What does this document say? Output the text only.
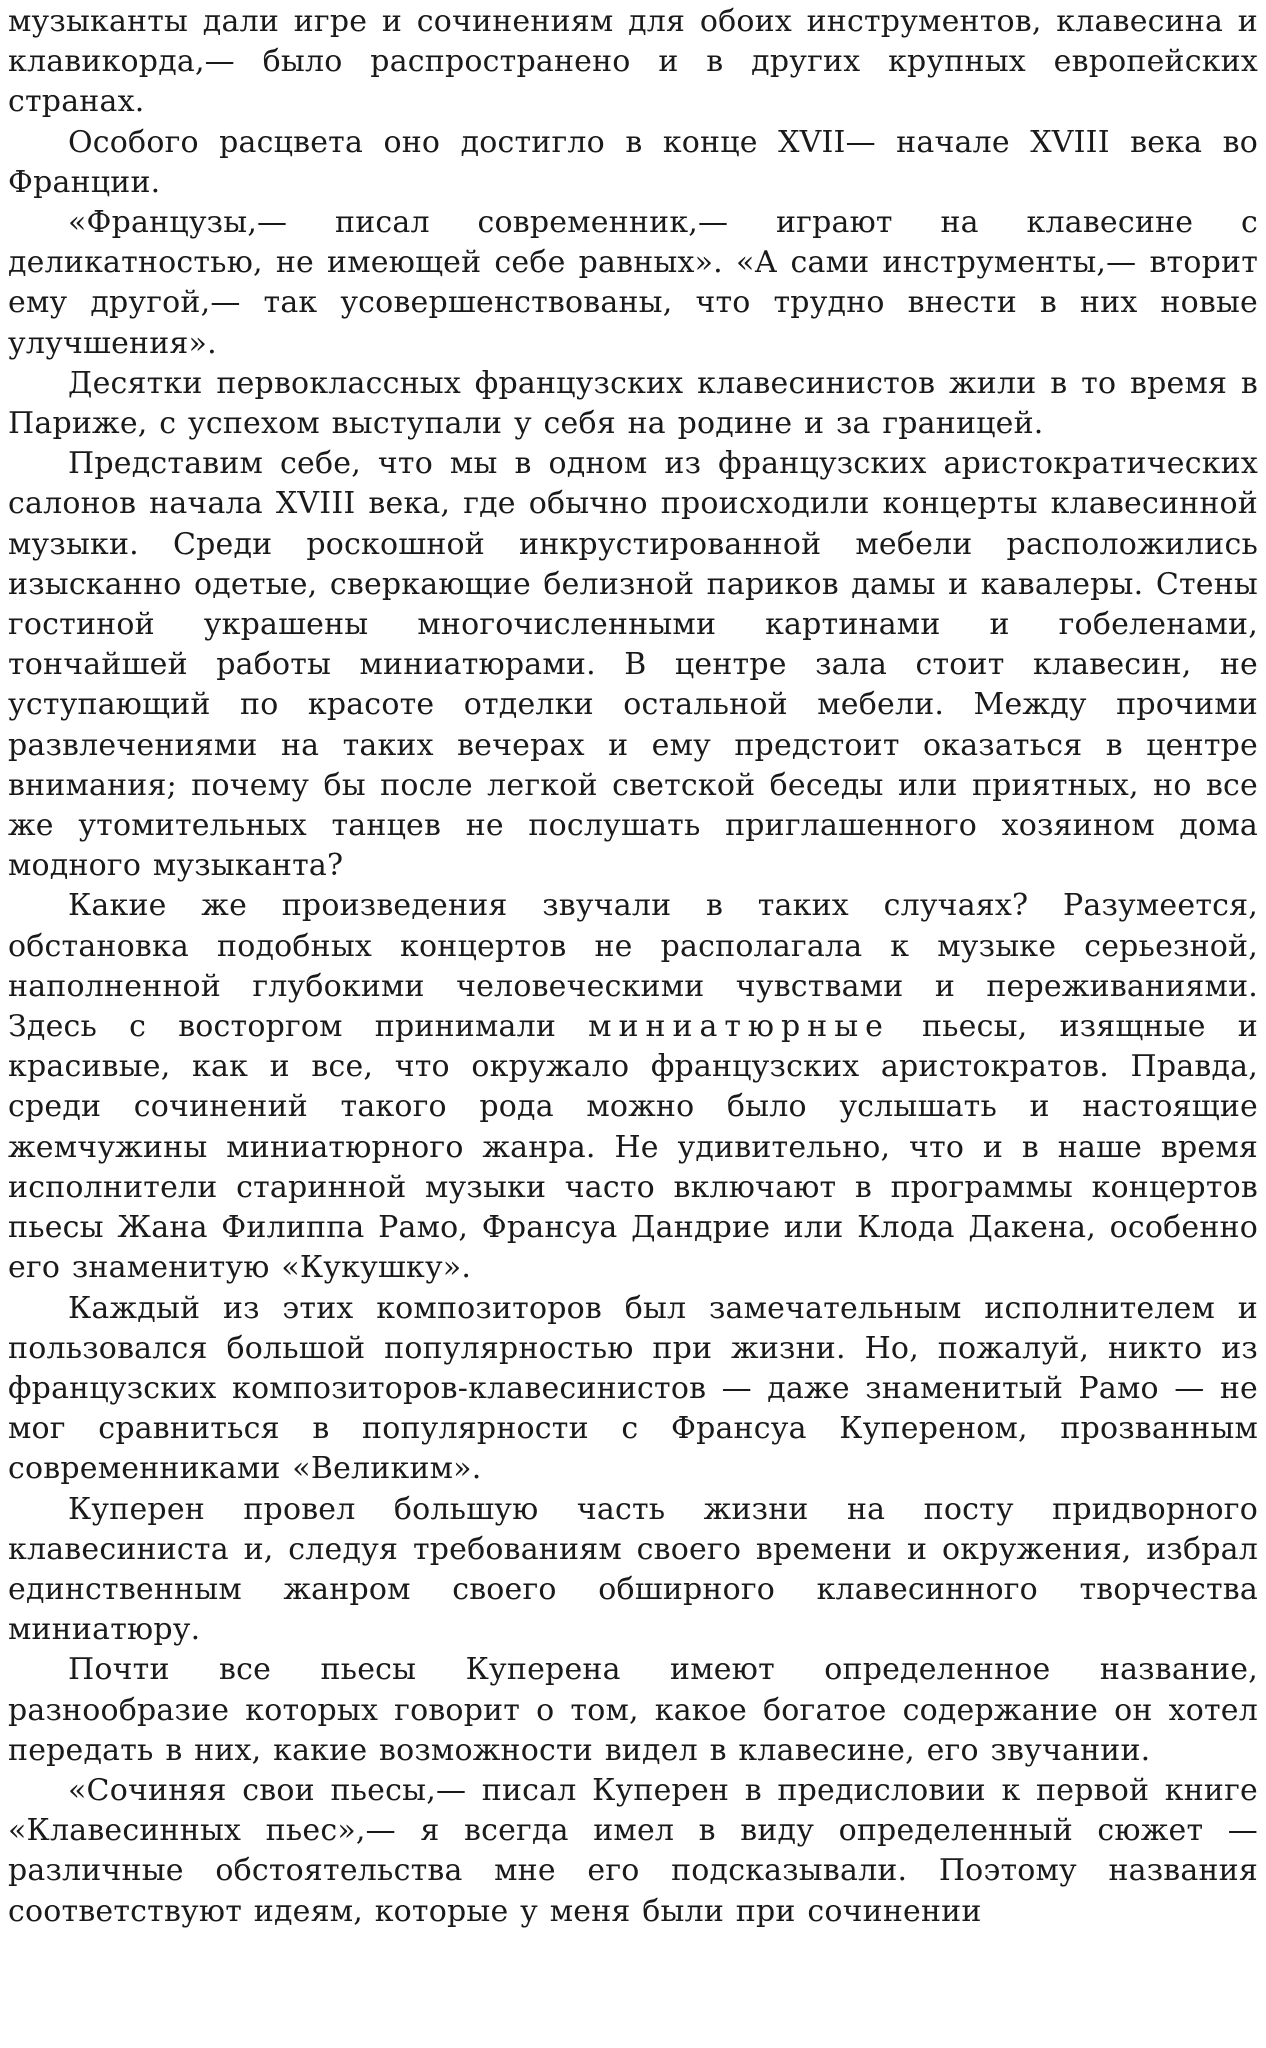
музыканты дали игре и сочинениям для обоих инструментов, клавесина и клавикорда,— было распространено и в других крупных европейских странах.

Особого расцвета оно достигло в конце XVII— начале XVIII века во Франции.

«Французы,— писал современник,— играют на клавесине с деликатностью, не имеющей себе равных». «А сами инструменты,— вторит ему другой,— так усовершенствованы, что трудно внести в них новые улучшения».

Десятки первоклассных французских клавесинистов жили в то время в Париже, с успехом выступали у себя на родине и за границей.

Представим себе, что мы в одном из французских аристократических салонов начала XVIII века, где обычно происходили концерты клавесинной музыки. Среди роскошной инкрустированной мебели расположились изысканно одетые, сверкающие белизной париков дамы и кавалеры. Стены гостиной украшены многочисленными картинами и гобеленами, тончайшей работы миниатюрами. В центре зала стоит клавесин, не уступающий по красоте отделки остальной мебели. Между прочими развлечениями на таких вечерах и ему предстоит оказаться в центре внимания; почему бы после легкой светской беседы или приятных, но все же утомительных танцев не послушать приглашенного хозяином дома модного музыканта?

Какие же произведения звучали в таких случаях? Разумеется, обстановка подобных концертов не располагала к музыке серьезной, наполненной глубокими человеческими чувствами и переживаниями. Здесь с восторгом принимали миниатюрные пьесы, изящные и красивые, как и все, что окружало французских аристократов. Правда, среди сочинений такого рода можно было услышать и настоящие жемчужины миниатюрного жанра. Не удивительно, что и в наше время исполнители старинной музыки часто включают в программы концертов пьесы Жана Филиппа Рамо, Франсуа Дандрие или Клода Дакена, особенно его знаменитую «Кукушку».

Каждый из этих композиторов был замечательным исполнителем и пользовался большой популярностью при жизни. Но, пожалуй, никто из французских композиторов-клавесинистов — даже знаменитый Рамо — не мог сравниться в популярности с Франсуа Купереном, прозванным современниками «Великим».

Куперен провел большую часть жизни на посту придворного клавесиниста и, следуя требованиям своего времени и окружения, избрал единственным жанром своего обширного клавесинного творчества миниатюру.

Почти все пьесы Куперена имеют определенное название, разнообразие которых говорит о том, какое богатое содержание он хотел передать в них, какие возможности видел в клавесине, его звучании.

«Сочиняя свои пьесы,— писал Куперен в предисловии к первой книге «Клавесинных пьес»,— я всегда имел в виду определенный сюжет — различные обстоятельства мне его подсказывали. Поэтому названия соответствуют идеям, которые у меня были при сочинении
